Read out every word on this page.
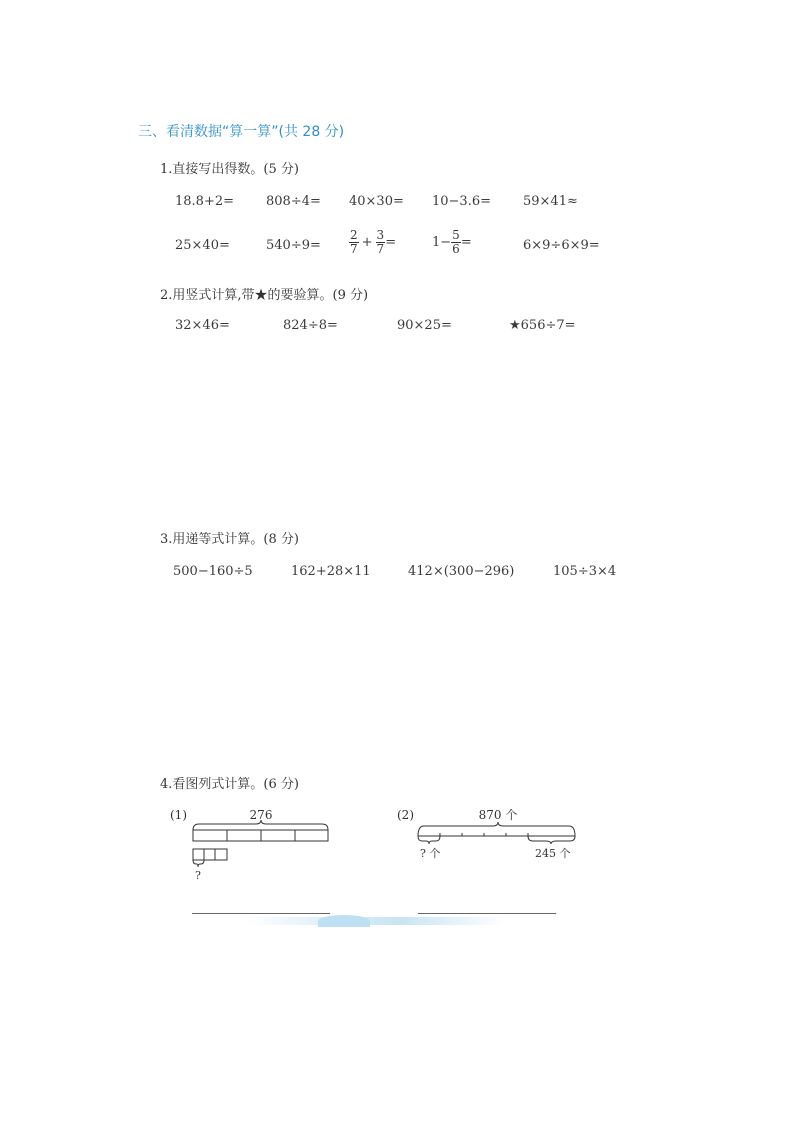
三、看清数据“算一算”(共 28 分)
1.直接写出得数。(5 分)
18.8+2= 808÷4= 40×30= 10−3.6= 59×41≈
25×40=	$540\div 9= \frac{2}{7} + \frac{3}{7}$ =	$1- \frac{5}{6}$ =	6×9÷6×9=
2.用竖式计算,带★的要验算。(9 分)
32×46=	824÷8=	90×25=	★656÷7=
3.用递等式计算。(8 分)
500−160÷5	162+28×11	412×(300−296)	105÷3×4
4.看图列式计算。(6 分)
(1)	276
?
(2)	870 个
? 个	245 个
